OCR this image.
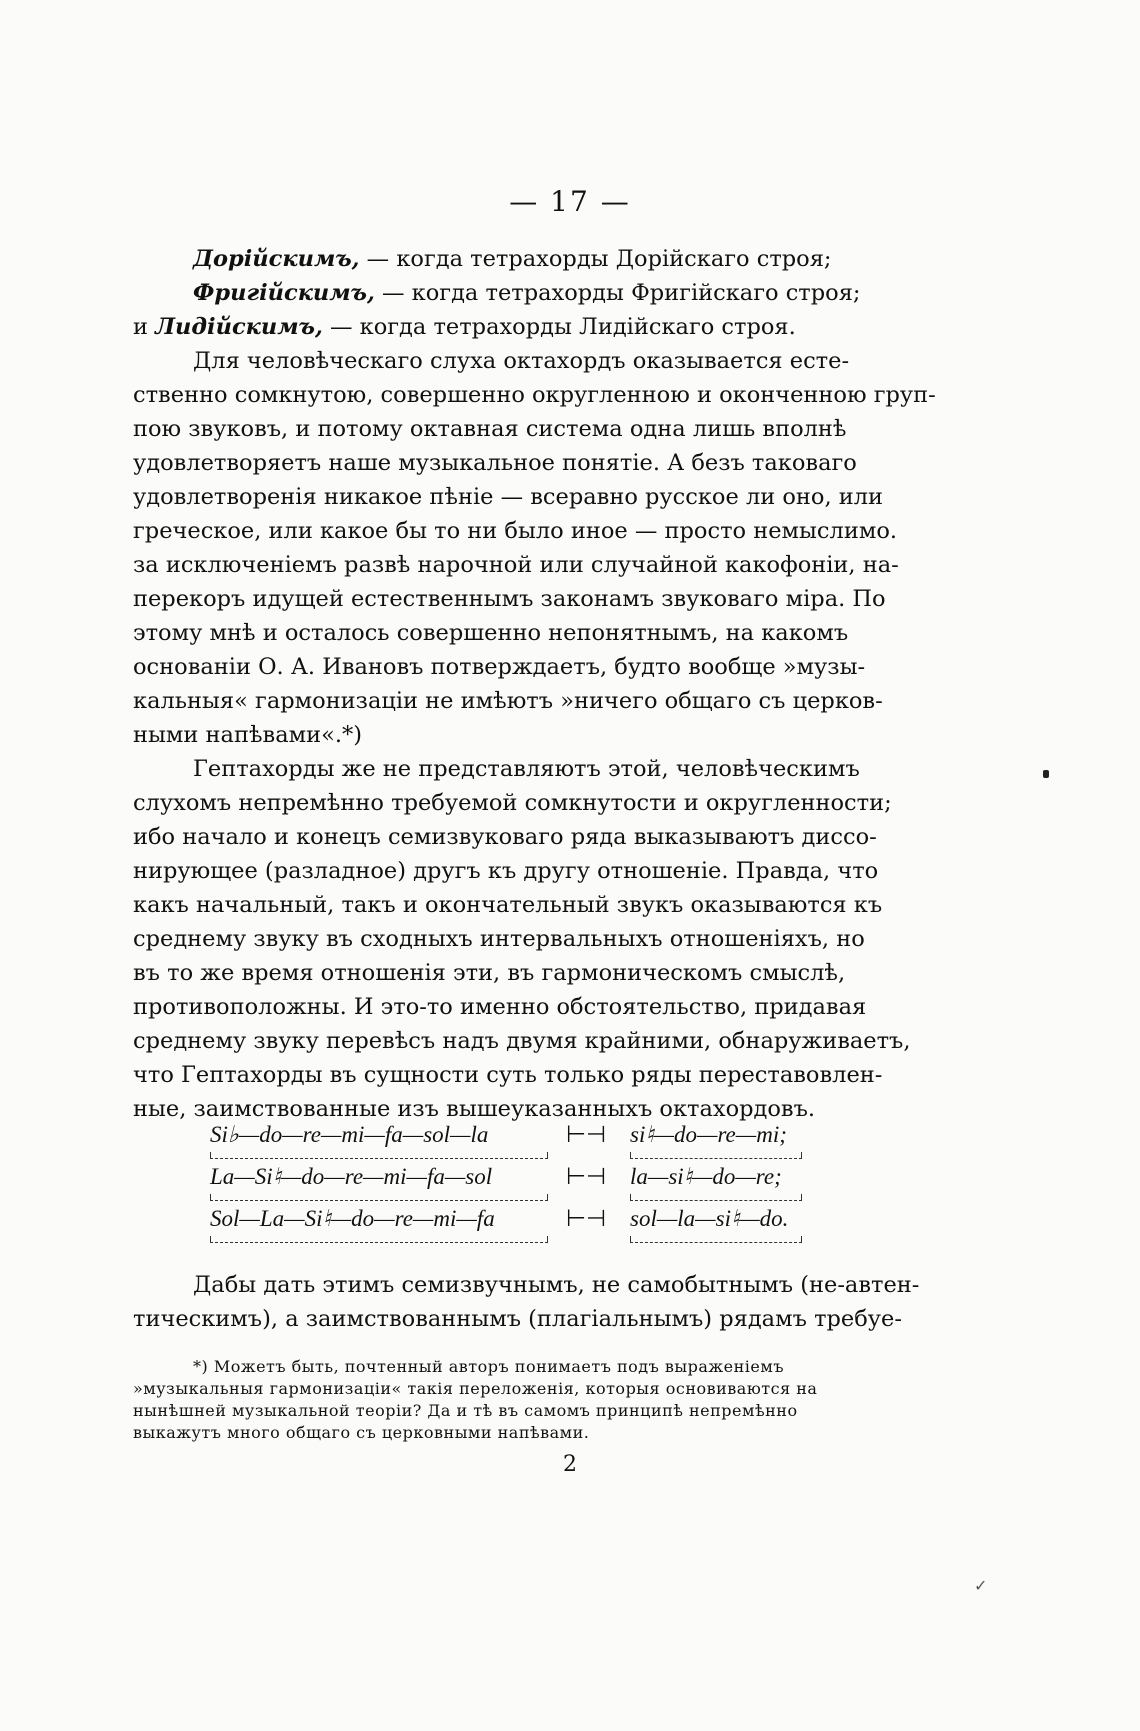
— 17 —
Дорійскимъ, — когда тетрахорды Дорійскаго строя;
Фригійскимъ, — когда тетрахорды Фригійскаго строя;
и Лидійскимъ, — когда тетрахорды Лидійскаго строя.
Для человѣческаго слуха октахордъ оказывается есте-
ственно сомкнутою, совершенно округленною и оконченною груп-
пою звуковъ, и потому октавная система одна лишь вполнѣ
удовлетворяетъ наше музыкальное понятіе. А безъ таковаго
удовлетворенія никакое пѣніе — всеравно русское ли оно, или
греческое, или какое бы то ни было иное — просто немыслимо.
за исключеніемъ развѣ нарочной или случайной какофоніи, на-
перекоръ идущей естественнымъ законамъ звуковаго міра. По
этому мнѣ и осталось совершенно непонятнымъ, на какомъ
основаніи О. А. Ивановъ потверждаетъ, будто вообще »музы-
кальныя« гармонизаціи не имѣютъ »ничего общаго съ церков-
ными напѣвами«.*)
Гептахорды же не представляютъ этой, человѣческимъ
слухомъ непремѣнно требуемой сомкнутости и округленности;
ибо начало и конецъ семизвуковаго ряда выказываютъ диссо-
нирующее (разладное) другъ къ другу отношеніе. Правда, что
какъ начальный, такъ и окончательный звукъ оказываются къ
среднему звуку въ сходныхъ интервальныхъ отношеніяхъ, но
въ то же время отношенія эти, въ гармоническомъ смыслѣ,
противоположны. И это-то именно обстоятельство, придавая
среднему звуку перевѣсъ надъ двумя крайними, обнаруживаетъ,
что Гептахорды въ сущности суть только ряды переставовлен-
ные, заимствованные изъ вышеуказанныхъ октахордовъ.
Si♭—do—re—mi—fa—sol—la	⊢⊣ si♮—do—re—mi;
La—Si♮—do—re—mi—fa—sol	⊢⊣ la—si♮—do—re;
Sol—La—Si♮—do—re—mi—fa	⊢⊣ sol—la—si♮—do.
Дабы дать этимъ семизвучнымъ, не самобытнымъ (не-автен-
тическимъ), а заимствованнымъ (плагіальнымъ) рядамъ требуе-
*) Можетъ быть, почтенный авторъ понимаетъ подъ выраженіемъ
»музыкальныя гармонизаціи« такія переложенія, которыя основиваются на
нынѣшней музыкальной теоріи? Да и тѣ въ самомъ принципѣ непремѣнно
выкажутъ много общаго съ церковными напѣвами.
2
✓
